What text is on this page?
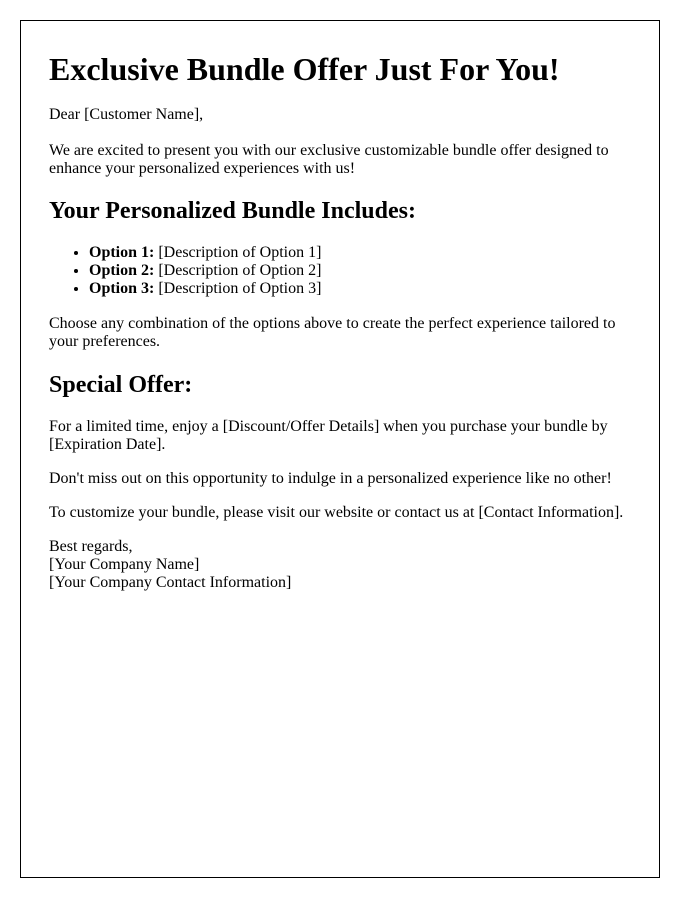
Exclusive Bundle Offer Just For You!

Dear [Customer Name],

We are excited to present you with our exclusive customizable bundle offer designed to enhance your personalized experiences with us!

Your Personalized Bundle Includes:
• Option 1: [Description of Option 1]
• Option 2: [Description of Option 2]
• Option 3: [Description of Option 3]

Choose any combination of the options above to create the perfect experience tailored to your preferences.

Special Offer:

For a limited time, enjoy a [Discount/Offer Details] when you purchase your bundle by [Expiration Date].

Don't miss out on this opportunity to indulge in a personalized experience like no other!

To customize your bundle, please visit our website or contact us at [Contact Information].

Best regards,
[Your Company Name]
[Your Company Contact Information]
